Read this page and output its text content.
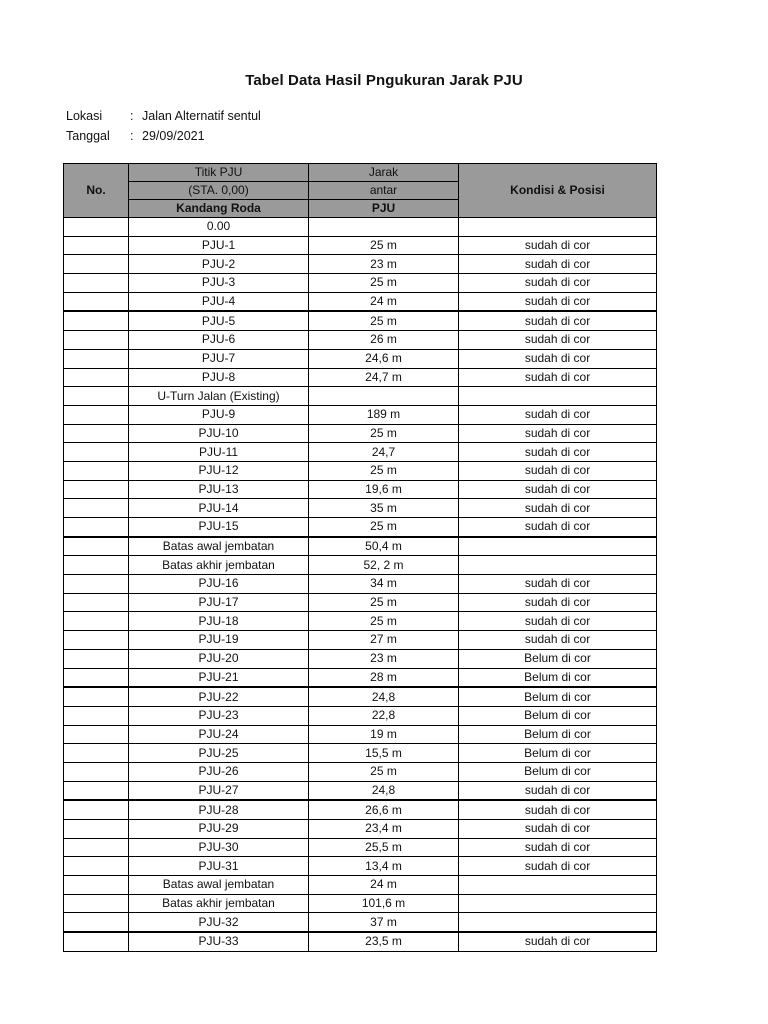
Tabel Data Hasil Pngukuran Jarak PJU
Lokasi : Jalan Alternatif sentul
Tanggal : 29/09/2021
No.	Titik PJU	Jarak	Kondisi & Posisi
	(STA. 0,00)	antar	
	Kandang Roda	PJU	
	0.00		
	PJU-1	25 m	sudah di cor
	PJU-2	23 m	sudah di cor
	PJU-3	25 m	sudah di cor
	PJU-4	24 m	sudah di cor
	PJU-5	25 m	sudah di cor
	PJU-6	26 m	sudah di cor
	PJU-7	24,6 m	sudah di cor
	PJU-8	24,7 m	sudah di cor
	U-Turn Jalan (Existing)		
	PJU-9	189 m	sudah di cor
	PJU-10	25 m	sudah di cor
	PJU-11	24,7	sudah di cor
	PJU-12	25 m	sudah di cor
	PJU-13	19,6 m	sudah di cor
	PJU-14	35 m	sudah di cor
	PJU-15	25 m	sudah di cor
	Batas awal jembatan	50,4 m	
	Batas akhir jembatan	52, 2 m	
	PJU-16	34 m	sudah di cor
	PJU-17	25 m	sudah di cor
	PJU-18	25 m	sudah di cor
	PJU-19	27 m	sudah di cor
	PJU-20	23 m	Belum di cor
	PJU-21	28 m	Belum di cor
	PJU-22	24,8	Belum di cor
	PJU-23	22,8	Belum di cor
	PJU-24	19 m	Belum di cor
	PJU-25	15,5 m	Belum di cor
	PJU-26	25 m	Belum di cor
	PJU-27	24,8	sudah di cor
	PJU-28	26,6 m	sudah di cor
	PJU-29	23,4 m	sudah di cor
	PJU-30	25,5 m	sudah di cor
	PJU-31	13,4 m	sudah di cor
	Batas awal jembatan	24 m	
	Batas akhir jembatan	101,6 m	
	PJU-32	37 m	
	PJU-33	23,5 m	sudah di cor
